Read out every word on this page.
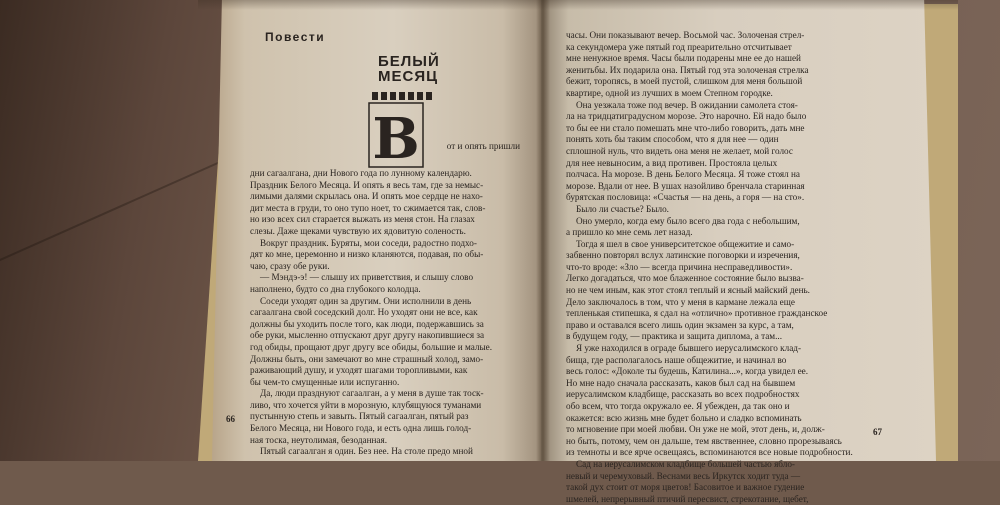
Повести
БЕЛЫЙ
МЕСЯЦ
В	от и опять пришли
дни сагаалгана, дни Нового года по лунному календарю.
Праздник Белого Месяца. И опять я весь там, где за немыс-
лимыми далями скрылась она. И опять мое сердце не нахо-
дит места в груди, то оно тупо ноет, то сжимается так, слов-
но изо всех сил старается выжать из меня стон. На глазах
слезы. Даже щеками чувствую их ядовитую соленость.
Вокруг праздник. Буряты, мои соседи, радостно подхо-
дят ко мне, церемонно и низко кланяются, подавая, по обы-
чаю, сразу обе руки.
— Мэндэ-э! — слышу их приветствия, и слышу слово
наполнено, будто со дна глубокого колодца.
Соседи уходят один за другим. Они исполнили в день
сагаалгана свой соседский долг. Но уходят они не все, как
должны бы уходить после того, как люди, подержавшись за
обе руки, мысленно отпускают друг другу накопившиеся за
год обиды, прощают друг другу все обиды, большие и малые.
Должны быть, они замечают во мне страшный холод, замо-
раживающий душу, и уходят шагами торопливыми, как
бы чем-то смущенные или испуганно.
Да, люди празднуют сагаалган, а у меня в душе так тоск-
ливо, что хочется уйти в морозную, клубящуюся туманами
пустынную степь и завыть. Пятый сагаалган, пятый раз
Белого Месяца, ни Нового года, и есть одна лишь голод-
ная тоска, неутолимая, безоданная.
Пятый сагаалган я один. Без нее. На столе предо мной
66
часы. Они показывают вечер. Восьмой час. Золоченая стрел-
ка секундомера уже пятый год преарительно отсчитывает
мне ненужное время. Часы были подарены мне ее до нашей
женитьбы. Их подарила она. Пятый год эта золоченая стрелка
бежит, торопясь, в моей пустой, слишком для меня большой
квартире, одной из лучших в моем Степном городке.
Она уезжала тоже под вечер. В ожидании самолета стоя-
ла на тридцатиградусном морозе. Это нарочно. Ей надо было
то бы ее ни стало помешать мне что-либо говорить, дать мне
понять хоть бы таким способом, что я для нее — один
сплошной нуль, что видеть она меня не желает, мой голос
для нее невыносим, а вид противен. Простояла целых
полчаса. На морозе. В день Белого Месяца. Я тоже стоял на
морозе. Вдали от нее. В ушах назойливо бренчала старинная
бурятская пословица: «Счастья — на день, а горя — на сто».
Было ли счастье? Было.
Оно умерло, когда ему было всего два года с небольшим,
а пришло ко мне семь лет назад.
Тогда я шел в свое университетское общежитие и само-
забвенно повторял вслух латинские поговорки и изречения,
что-то вроде: «Зло — всегда причина несправедливости».
Легко догадаться, что мое блаженное состояние было вызва-
но не чем иным, как этот стоял теплый и ясный майский день.
Дело заключалось в том, что у меня в кармане лежала еще
тепленькая стипешка, я сдал на «отлично» противное гражданское
право и оставался всего лишь один экзамен за курс, а там,
в будущем году, — практика и защита диплома, а там...
Я уже находился в ограде бывшего иерусалимского клад-
бища, где располагалось наше общежитие, и начинал во
весь голос: «Доколе ты будешь, Катилина...», когда увидел ее.
Но мне надо сначала рассказать, каков был сад на бывшем
иерусалимском кладбище, рассказать во всех подробностях
обо всем, что тогда окружало ее. Я убежден, да так оно и
окажется: всю жизнь мне будет больно и сладко вспоминать
то мгновение при моей любви. Он уже не мой, этот день, и, долж-
но быть, потому, чем он дальше, тем явственнее, словно прорезываясь
из темноты и все ярче освещаясь, вспоминаются все новые подробности.
Сад на иерусалимском кладбище большей частью ябло-
невый и черемуховый. Веснами весь Иркутск ходит туда —
такой дух стоит от моря цветов! Басовитое и важное гудение
шмелей, непрерывный птичий пересвист, стрекотание, щебет,
67
